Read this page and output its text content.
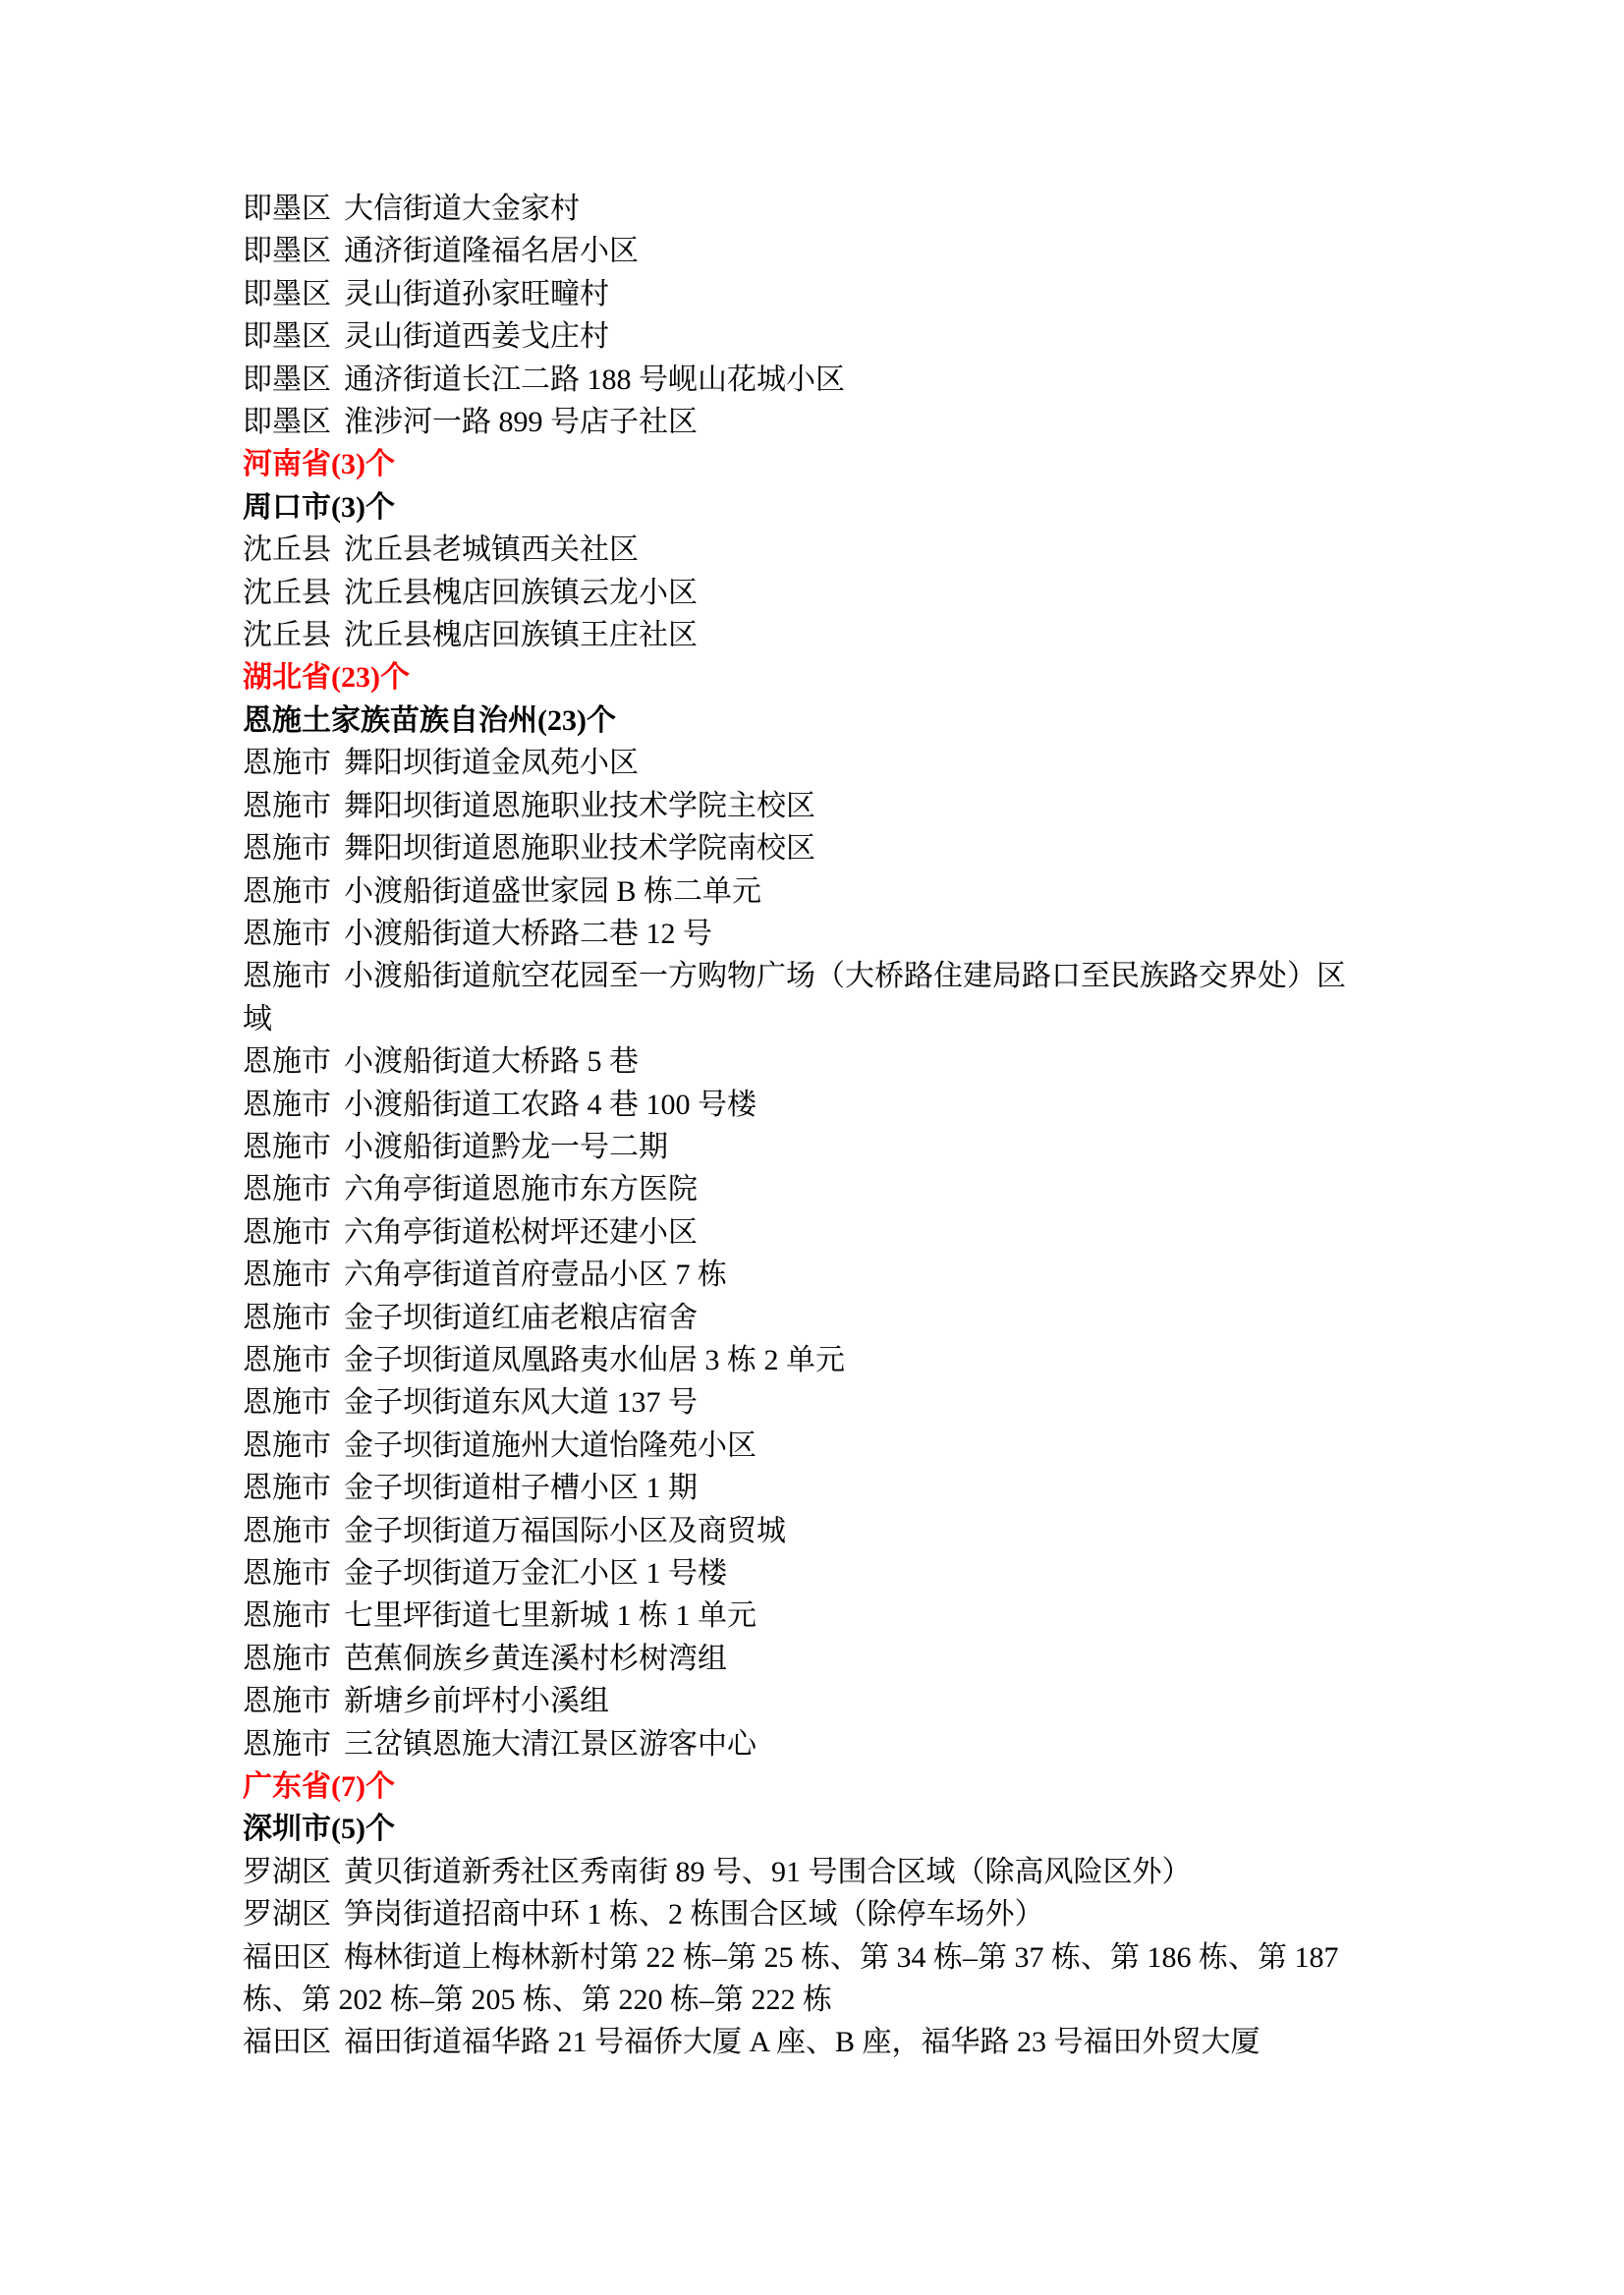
即墨区 大信街道大金家村
即墨区 通济街道隆福名居小区
即墨区 灵山街道孙家旺疃村
即墨区 灵山街道西姜戈庄村
即墨区 通济街道长江二路 188 号岘山花城小区
即墨区 淮涉河一路 899 号店子社区
河南省(3)个
周口市(3)个
沈丘县 沈丘县老城镇西关社区
沈丘县 沈丘县槐店回族镇云龙小区
沈丘县 沈丘县槐店回族镇王庄社区
湖北省(23)个
恩施土家族苗族自治州(23)个
恩施市 舞阳坝街道金凤苑小区
恩施市 舞阳坝街道恩施职业技术学院主校区
恩施市 舞阳坝街道恩施职业技术学院南校区
恩施市 小渡船街道盛世家园 B 栋二单元
恩施市 小渡船街道大桥路二巷 12 号
恩施市 小渡船街道航空花园至一方购物广场（大桥路住建局路口至民族路交界处）区
域
恩施市 小渡船街道大桥路 5 巷
恩施市 小渡船街道工农路 4 巷 100 号楼
恩施市 小渡船街道黔龙一号二期
恩施市 六角亭街道恩施市东方医院
恩施市 六角亭街道松树坪还建小区
恩施市 六角亭街道首府壹品小区 7 栋
恩施市 金子坝街道红庙老粮店宿舍
恩施市 金子坝街道凤凰路夷水仙居 3 栋 2 单元
恩施市 金子坝街道东风大道 137 号
恩施市 金子坝街道施州大道怡隆苑小区
恩施市 金子坝街道柑子槽小区 1 期
恩施市 金子坝街道万福国际小区及商贸城
恩施市 金子坝街道万金汇小区 1 号楼
恩施市 七里坪街道七里新城 1 栋 1 单元
恩施市 芭蕉侗族乡黄连溪村杉树湾组
恩施市 新塘乡前坪村小溪组
恩施市 三岔镇恩施大清江景区游客中心
广东省(7)个
深圳市(5)个
罗湖区 黄贝街道新秀社区秀南街 89 号、91 号围合区域（除高风险区外）
罗湖区 笋岗街道招商中环 1 栋、2 栋围合区域（除停车场外）
福田区 梅林街道上梅林新村第 22 栋–第 25 栋、第 34 栋–第 37 栋、第 186 栋、第 187
栋、第 202 栋–第 205 栋、第 220 栋–第 222 栋
福田区 福田街道福华路 21 号福侨大厦 A 座、B 座，福华路 23 号福田外贸大厦
